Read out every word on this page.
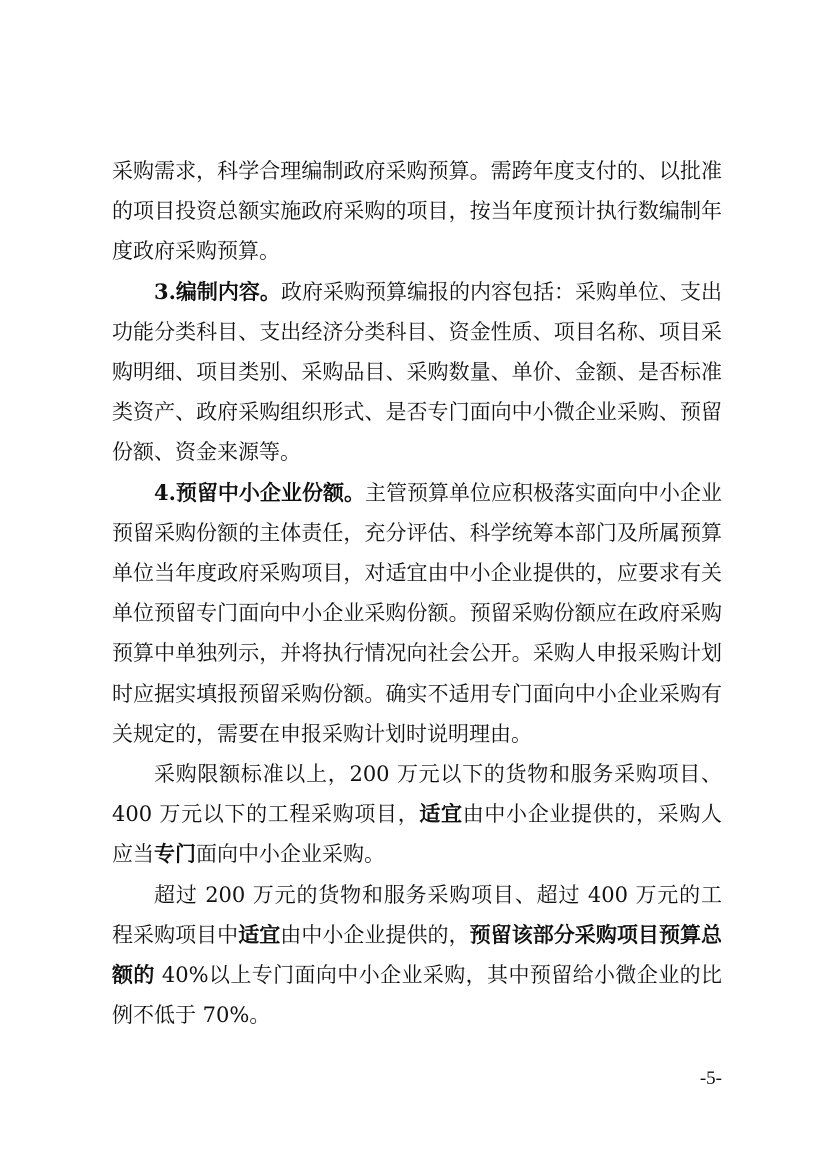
采购需求，科学合理编制政府采购预算。需跨年度支付的、以批准的项目投资总额实施政府采购的项目，按当年度预计执行数编制年度政府采购预算。

3.编制内容。政府采购预算编报的内容包括：采购单位、支出功能分类科目、支出经济分类科目、资金性质、项目名称、项目采购明细、项目类别、采购品目、采购数量、单价、金额、是否标准类资产、政府采购组织形式、是否专门面向中小微企业采购、预留份额、资金来源等。

4.预留中小企业份额。主管预算单位应积极落实面向中小企业预留采购份额的主体责任，充分评估、科学统筹本部门及所属预算单位当年度政府采购项目，对适宜由中小企业提供的，应要求有关单位预留专门面向中小企业采购份额。预留采购份额应在政府采购预算中单独列示，并将执行情况向社会公开。采购人申报采购计划时应据实填报预留采购份额。确实不适用专门面向中小企业采购有关规定的，需要在申报采购计划时说明理由。

采购限额标准以上，200 万元以下的货物和服务采购项目、400 万元以下的工程采购项目，适宜由中小企业提供的，采购人应当专门面向中小企业采购。

超过 200 万元的货物和服务采购项目、超过 400 万元的工程采购项目中适宜由中小企业提供的，预留该部分采购项目预算总额的 40%以上专门面向中小企业采购，其中预留给小微企业的比例不低于 70%。

-5-
